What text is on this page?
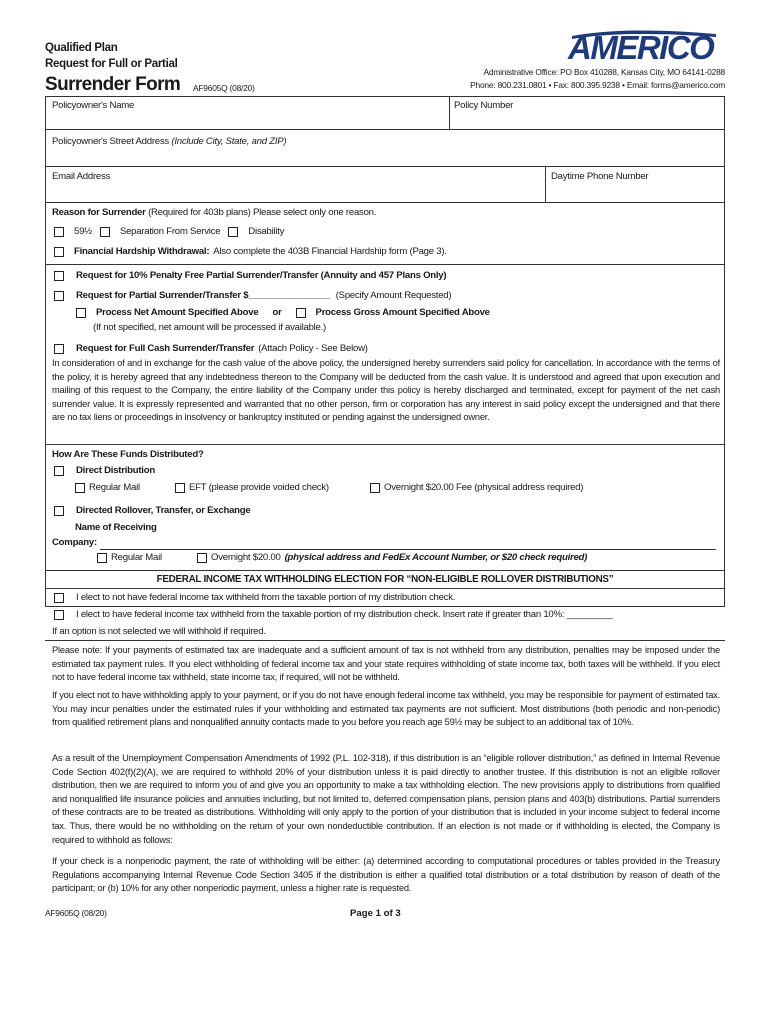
Qualified Plan
Request for Full or Partial
Surrender Form AF9605Q (08/20)
AMERICO
Administrative Office: PO Box 410288, Kansas City, MO 64141-0288
Phone: 800.231.0801 • Fax: 800.395.9238 • Email: forms@americo.com
Policyowner's Name	Policy Number
Policyowner's Street Address (Include City, State, and ZIP)
Email Address	Daytime Phone Number
Reason for Surrender (Required for 403b plans) Please select only one reason.
59½	Separation From Service	Disability
Financial Hardship Withdrawal: Also complete the 403B Financial Hardship form (Page 3).
Request for 10% Penalty Free Partial Surrender/Transfer (Annuity and 457 Plans Only)
Request for Partial Surrender/Transfer $________________ (Specify Amount Requested)
Process Net Amount Specified Above or	Process Gross Amount Specified Above
(If not specified, net amount will be processed if available.)
Request for Full Cash Surrender/Transfer (Attach Policy - See Below)

In consideration of and in exchange for the cash value of the above policy, the undersigned hereby surrenders said policy for cancellation. In accordance with the terms of the policy, it is hereby agreed that any indebtedness thereon to the Company will be deducted from the cash value. It is understood and agreed that upon execution and mailing of this request to the Company, the entire liability of the Company under this policy is hereby discharged and terminated, except for payment of the net cash surrender value. It is expressly represented and warranted that no other person, firm or corporation has any interest in said policy except the undersigned and that there are no tax liens or proceedings in insolvency or bankruptcy instituted or pending against the undersigned owner.

How Are These Funds Distributed?
Direct Distribution
Regular Mail	EFT (please provide voided check)	Overnight $20.00 Fee (physical address required)
Directed Rollover, Transfer, or Exchange
Name of Receiving
Company:
Regular Mail	Overnight $20.00 (physical address and FedEx Account Number, or $20 check required)
FEDERAL INCOME TAX WITHHOLDING ELECTION FOR “NON-ELIGIBLE ROLLOVER DISTRIBUTIONS”
I elect to not have federal income tax withheld from the taxable portion of my distribution check.
I elect to have federal income tax withheld from the taxable portion of my distribution check. Insert rate if greater than 10%: _________
If an option is not selected we will withhold if required.

Please note: If your payments of estimated tax are inadequate and a sufficient amount of tax is not withheld from any distribution, penalties may be imposed under the estimated tax payment rules. If you elect withholding of federal income tax and your state requires withholding of state income tax, both taxes will be withheld. If you elect not to have federal income tax withheld, state income tax, if required, will not be withheld.

If you elect not to have withholding apply to your payment, or if you do not have enough federal income tax withheld, you may be responsible for payment of estimated tax. You may incur penalties under the estimated rules if your withholding and estimated tax payments are not sufficient. Most distributions (both periodic and non-periodic) from qualified retirement plans and nonqualified annuity contacts made to you before you reach age 59½ may be subject to an additional tax of 10%.

As a result of the Unemployment Compensation Amendments of 1992 (P.L. 102-318), if this distribution is an “eligible rollover distribution,” as defined in Internal Revenue Code Section 402(f)(2)(A), we are required to withhold 20% of your distribution unless it is paid directly to another trustee. If this distribution is not an eligible rollover distribution, then we are required to inform you of and give you an opportunity to make a tax withholding election. The new provisions apply to distributions from qualified and nonqualified life insurance policies and annuities including, but not limited to, deferred compensation plans, pension plans and 403(b) distributions. Partial surrenders of these contracts are to be treated as distributions. Withholding will only apply to the portion of your distribution that is included in your income subject to federal income tax. Thus, there would be no withholding on the return of your own nondeductible contribution. If an election is not made or if withholding is elected, the Company is required to withhold as follows:

If your check is a nonperiodic payment, the rate of withholding will be either: (a) determined according to computational procedures or tables provided in the Treasury Regulations accompanying Internal Revenue Code Section 3405 if the distribution is either a qualified total distribution or a total distribution by reason of death of the participant; or (b) 10% for any other nonperiodic payment, unless a higher rate is requested.

AF9605Q (08/20)	Page 1 of 3
